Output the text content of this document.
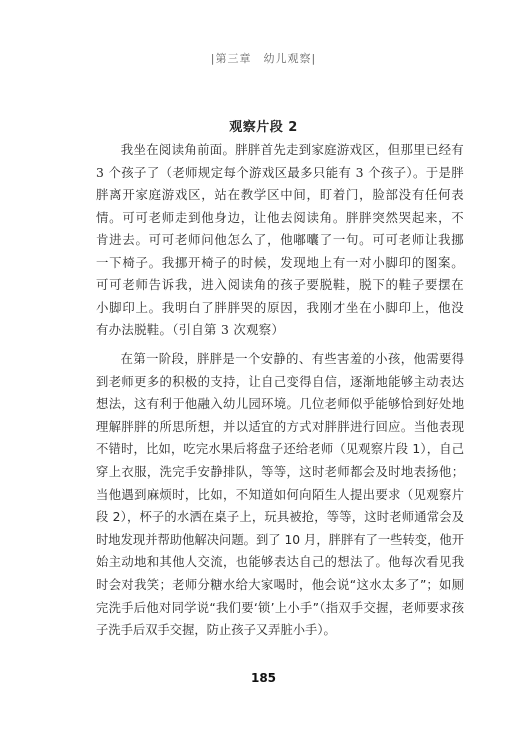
|第三章　幼儿观察|
观察片段 2
我坐在阅读角前面。胖胖首先走到家庭游戏区，但那里已经有 3 个孩子了（老师规定每个游戏区最多只能有 3 个孩子）。于是胖胖离开家庭游戏区，站在教学区中间，盯着门，脸部没有任何表情。可可老师走到他身边，让他去阅读角。胖胖突然哭起来，不肯进去。可可老师问他怎么了，他嘟囔了一句。可可老师让我挪一下椅子。我挪开椅子的时候，发现地上有一对小脚印的图案。可可老师告诉我，进入阅读角的孩子要脱鞋，脱下的鞋子要摆在小脚印上。我明白了胖胖哭的原因，我刚才坐在小脚印上，他没有办法脱鞋。（引自第 3 次观察）
在第一阶段，胖胖是一个安静的、有些害羞的小孩，他需要得到老师更多的积极的支持，让自己变得自信，逐渐地能够主动表达想法，这有利于他融入幼儿园环境。几位老师似乎能够恰到好处地理解胖胖的所思所想，并以适宜的方式对胖胖进行回应。当他表现不错时，比如，吃完水果后将盘子还给老师（见观察片段 1），自己穿上衣服，洗完手安静排队，等等，这时老师都会及时地表扬他；当他遇到麻烦时，比如，不知道如何向陌生人提出要求（见观察片段 2），杯子的水洒在桌子上，玩具被抢，等等，这时老师通常会及时地发现并帮助他解决问题。到了 10 月，胖胖有了一些转变，他开始主动地和其他人交流，也能够表达自己的想法了。他每次看见我时会对我笑；老师分糖水给大家喝时，他会说“这水太多了”；如厕完洗手后他对同学说“我们要‘锁’上小手”（指双手交握，老师要求孩子洗手后双手交握，防止孩子又弄脏小手）。
185
